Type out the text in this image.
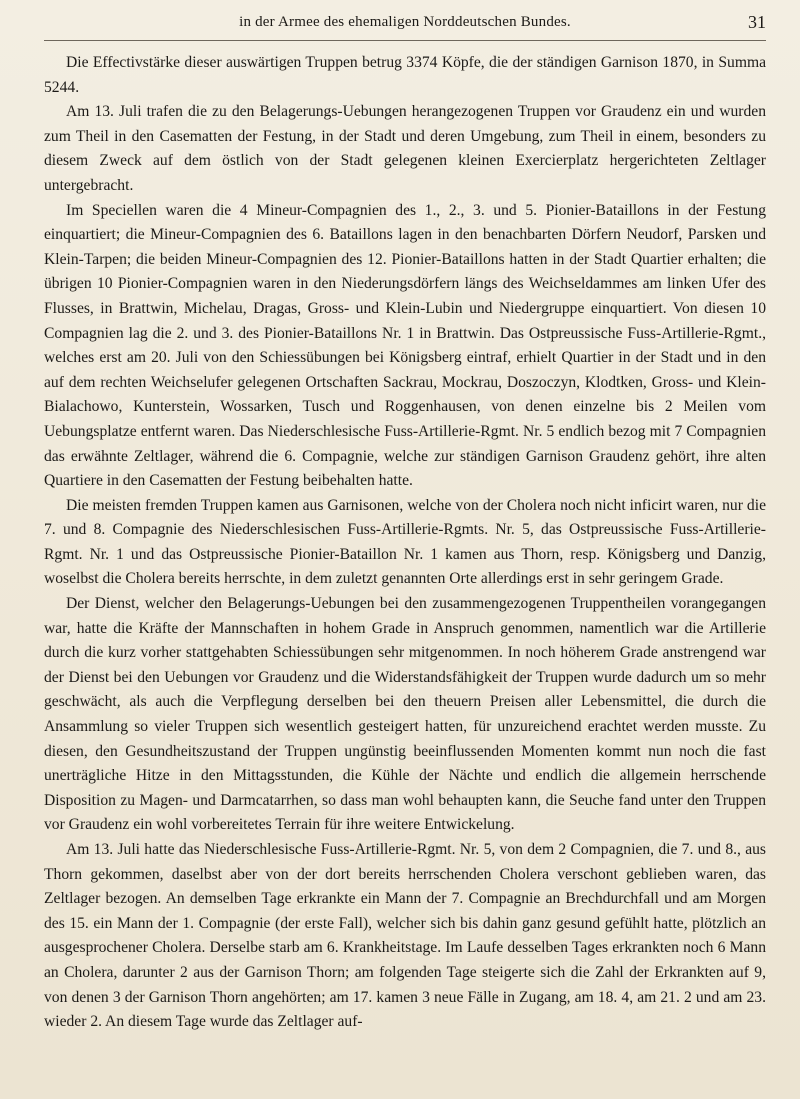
in der Armee des ehemaligen Norddeutschen Bundes.	31

Die Effectivstärke dieser auswärtigen Truppen betrug 3374 Köpfe, die der ständigen Garnison 1870, in Summa 5244.

Am 13. Juli trafen die zu den Belagerungs-Uebungen herangezogenen Truppen vor Graudenz ein und wurden zum Theil in den Casematten der Festung, in der Stadt und deren Umgebung, zum Theil in einem, besonders zu diesem Zweck auf dem östlich von der Stadt gelegenen kleinen Exercierplatz hergerichteten Zeltlager untergebracht.

Im Speciellen waren die 4 Mineur-Compagnien des 1., 2., 3. und 5. Pionier-Bataillons in der Festung einquartiert; die Mineur-Compagnien des 6. Bataillons lagen in den benachbarten Dörfern Neudorf, Parsken und Klein-Tarpen; die beiden Mineur-Compagnien des 12. Pionier-Bataillons hatten in der Stadt Quartier erhalten; die übrigen 10 Pionier-Compagnien waren in den Niederungsdörfern längs des Weichseldammes am linken Ufer des Flusses, in Brattwin, Michelau, Dragas, Gross- und Klein-Lubin und Niedergruppe einquartiert. Von diesen 10 Compagnien lag die 2. und 3. des Pionier-Bataillons Nr. 1 in Brattwin. Das Ostpreussische Fuss-Artillerie-Rgmt., welches erst am 20. Juli von den Schiessübungen bei Königsberg eintraf, erhielt Quartier in der Stadt und in den auf dem rechten Weichselufer gelegenen Ortschaften Sackrau, Mockrau, Doszoczyn, Klodtken, Gross- und Klein-Bialachowo, Kunterstein, Wossarken, Tusch und Roggenhausen, von denen einzelne bis 2 Meilen vom Uebungsplatze entfernt waren. Das Niederschlesische Fuss-Artillerie-Rgmt. Nr. 5 endlich bezog mit 7 Compagnien das erwähnte Zeltlager, während die 6. Compagnie, welche zur ständigen Garnison Graudenz gehört, ihre alten Quartiere in den Casematten der Festung beibehalten hatte.

Die meisten fremden Truppen kamen aus Garnisonen, welche von der Cholera noch nicht inficirt waren, nur die 7. und 8. Compagnie des Niederschlesischen Fuss-Artillerie-Rgmts. Nr. 5, das Ostpreussische Fuss-Artillerie-Rgmt. Nr. 1 und das Ostpreussische Pionier-Bataillon Nr. 1 kamen aus Thorn, resp. Königsberg und Danzig, woselbst die Cholera bereits herrschte, in dem zuletzt genannten Orte allerdings erst in sehr geringem Grade.

Der Dienst, welcher den Belagerungs-Uebungen bei den zusammengezogenen Truppentheilen vorangegangen war, hatte die Kräfte der Mannschaften in hohem Grade in Anspruch genommen, namentlich war die Artillerie durch die kurz vorher stattgehabten Schiessübungen sehr mitgenommen. In noch höherem Grade anstrengend war der Dienst bei den Uebungen vor Graudenz und die Widerstandsfähigkeit der Truppen wurde dadurch um so mehr geschwächt, als auch die Verpflegung derselben bei den theuern Preisen aller Lebensmittel, die durch die Ansammlung so vieler Truppen sich wesentlich gesteigert hatten, für unzureichend erachtet werden musste. Zu diesen, den Gesundheitszustand der Truppen ungünstig beeinflussenden Momenten kommt nun noch die fast unerträgliche Hitze in den Mittagsstunden, die Kühle der Nächte und endlich die allgemein herrschende Disposition zu Magen- und Darmcatarrhen, so dass man wohl behaupten kann, die Seuche fand unter den Truppen vor Graudenz ein wohl vorbereitetes Terrain für ihre weitere Entwickelung.

Am 13. Juli hatte das Niederschlesische Fuss-Artillerie-Rgmt. Nr. 5, von dem 2 Compagnien, die 7. und 8., aus Thorn gekommen, daselbst aber von der dort bereits herrschenden Cholera verschont geblieben waren, das Zeltlager bezogen. An demselben Tage erkrankte ein Mann der 7. Compagnie an Brechdurchfall und am Morgen des 15. ein Mann der 1. Compagnie (der erste Fall), welcher sich bis dahin ganz gesund gefühlt hatte, plötzlich an ausgesprochener Cholera. Derselbe starb am 6. Krankheitstage. Im Laufe desselben Tages erkrankten noch 6 Mann an Cholera, darunter 2 aus der Garnison Thorn; am folgenden Tage steigerte sich die Zahl der Erkrankten auf 9, von denen 3 der Garnison Thorn angehörten; am 17. kamen 3 neue Fälle in Zugang, am 18. 4, am 21. 2 und am 23. wieder 2. An diesem Tage wurde das Zeltlager auf-
